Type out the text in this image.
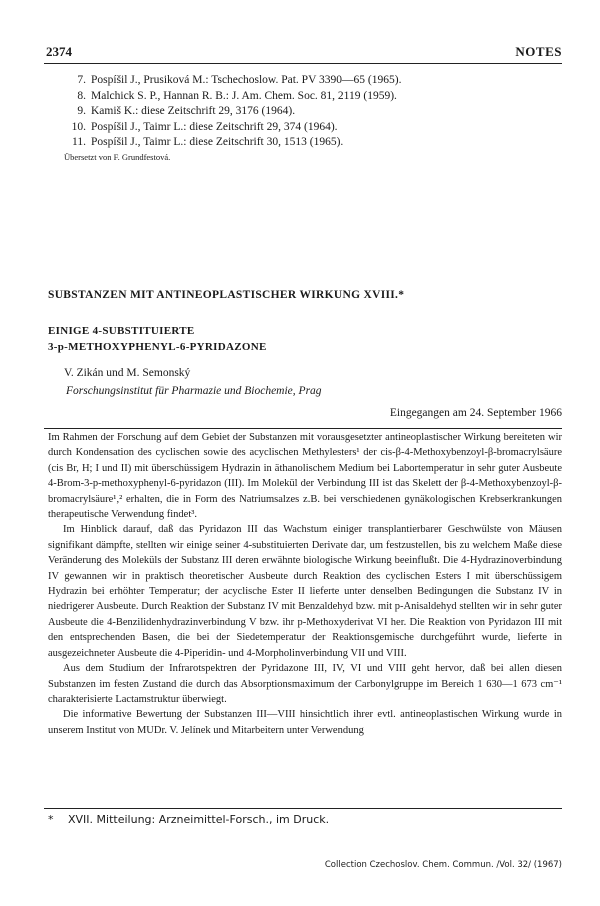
2374	NOTES
7. Pospíšil J., Prusiková M.: Tschechoslow. Pat. PV 3390—65 (1965).
8. Malchick S. P., Hannan R. B.: J. Am. Chem. Soc. 81, 2119 (1959).
9. Kamiš K.: diese Zeitschrift 29, 3176 (1964).
10. Pospíšil J., Taimr L.: diese Zeitschrift 29, 374 (1964).
11. Pospíšil J., Taimr L.: diese Zeitschrift 30, 1513 (1965).
Übersetzt von F. Grundfestová.
SUBSTANZEN MIT ANTINEOPLASTISCHER WIRKUNG XVIII.*
EINIGE 4-SUBSTITUIERTE
3-p-METHOXYPHENYL-6-PYRIDAZONE
V. Zikán und M. Semonský
Forschungsinstitut für Pharmazie und Biochemie, Prag
Eingegangen am 24. September 1966

Im Rahmen der Forschung auf dem Gebiet der Substanzen mit vorausgesetzter antineoplastischer Wirkung bereiteten wir durch Kondensation des cyclischen sowie des acyclischen Methylesters¹ der cis-β-4-Methoxybenzoyl-β-bromacrylsäure (cis Br, H; I und II) mit überschüssigem Hydrazin in äthanolischem Medium bei Labortemperatur in sehr guter Ausbeute 4-Brom-3-p-methoxyphenyl-6-pyridazon (III). Im Molekül der Verbindung III ist das Skelett der β-4-Methoxybenzoyl-β-bromacrylsäure¹,² erhalten, die in Form des Natriumsalzes z.B. bei verschiedenen gynäkologischen Krebserkrankungen therapeutische Verwendung findet³.

Im Hinblick darauf, daß das Pyridazon III das Wachstum einiger transplantierbarer Geschwülste von Mäusen signifikant dämpfte, stellten wir einige seiner 4-substituierten Derivate dar, um festzustellen, bis zu welchem Maße diese Veränderung des Moleküls der Substanz III deren erwähnte biologische Wirkung beeinflußt. Die 4-Hydrazinoverbindung IV gewannen wir in praktisch theoretischer Ausbeute durch Reaktion des cyclischen Esters I mit überschüssigem Hydrazin bei erhöhter Temperatur; der acyclische Ester II lieferte unter denselben Bedingungen die Substanz IV in niedrigerer Ausbeute. Durch Reaktion der Substanz IV mit Benzaldehyd bzw. mit p-Anisaldehyd stellten wir in sehr guter Ausbeute die 4-Benzilidenhydrazinverbindung V bzw. ihr p-Methoxyderivat VI her. Die Reaktion von Pyridazon III mit den entsprechenden Basen, die bei der Siedetemperatur der Reaktionsgemische durchgeführt wurde, lieferte in ausgezeichneter Ausbeute die 4-Piperidin- und 4-Morpholinverbindung VII und VIII.

Aus dem Studium der Infrarotspektren der Pyridazone III, IV, VI und VIII geht hervor, daß bei allen diesen Substanzen im festen Zustand die durch das Absorptionsmaximum der Carbonylgruppe im Bereich 1 630—1 673 cm⁻¹ charakterisierte Lactamstruktur überwiegt.

Die informative Bewertung der Substanzen III—VIII hinsichtlich ihrer evtl. antineoplastischen Wirkung wurde in unserem Institut von MUDr. V. Jelínek und Mitarbeitern unter Verwendung

* XVII. Mitteilung: Arzneimittel-Forsch., im Druck.
Collection Czechoslov. Chem. Commun. /Vol. 32/ (1967)
